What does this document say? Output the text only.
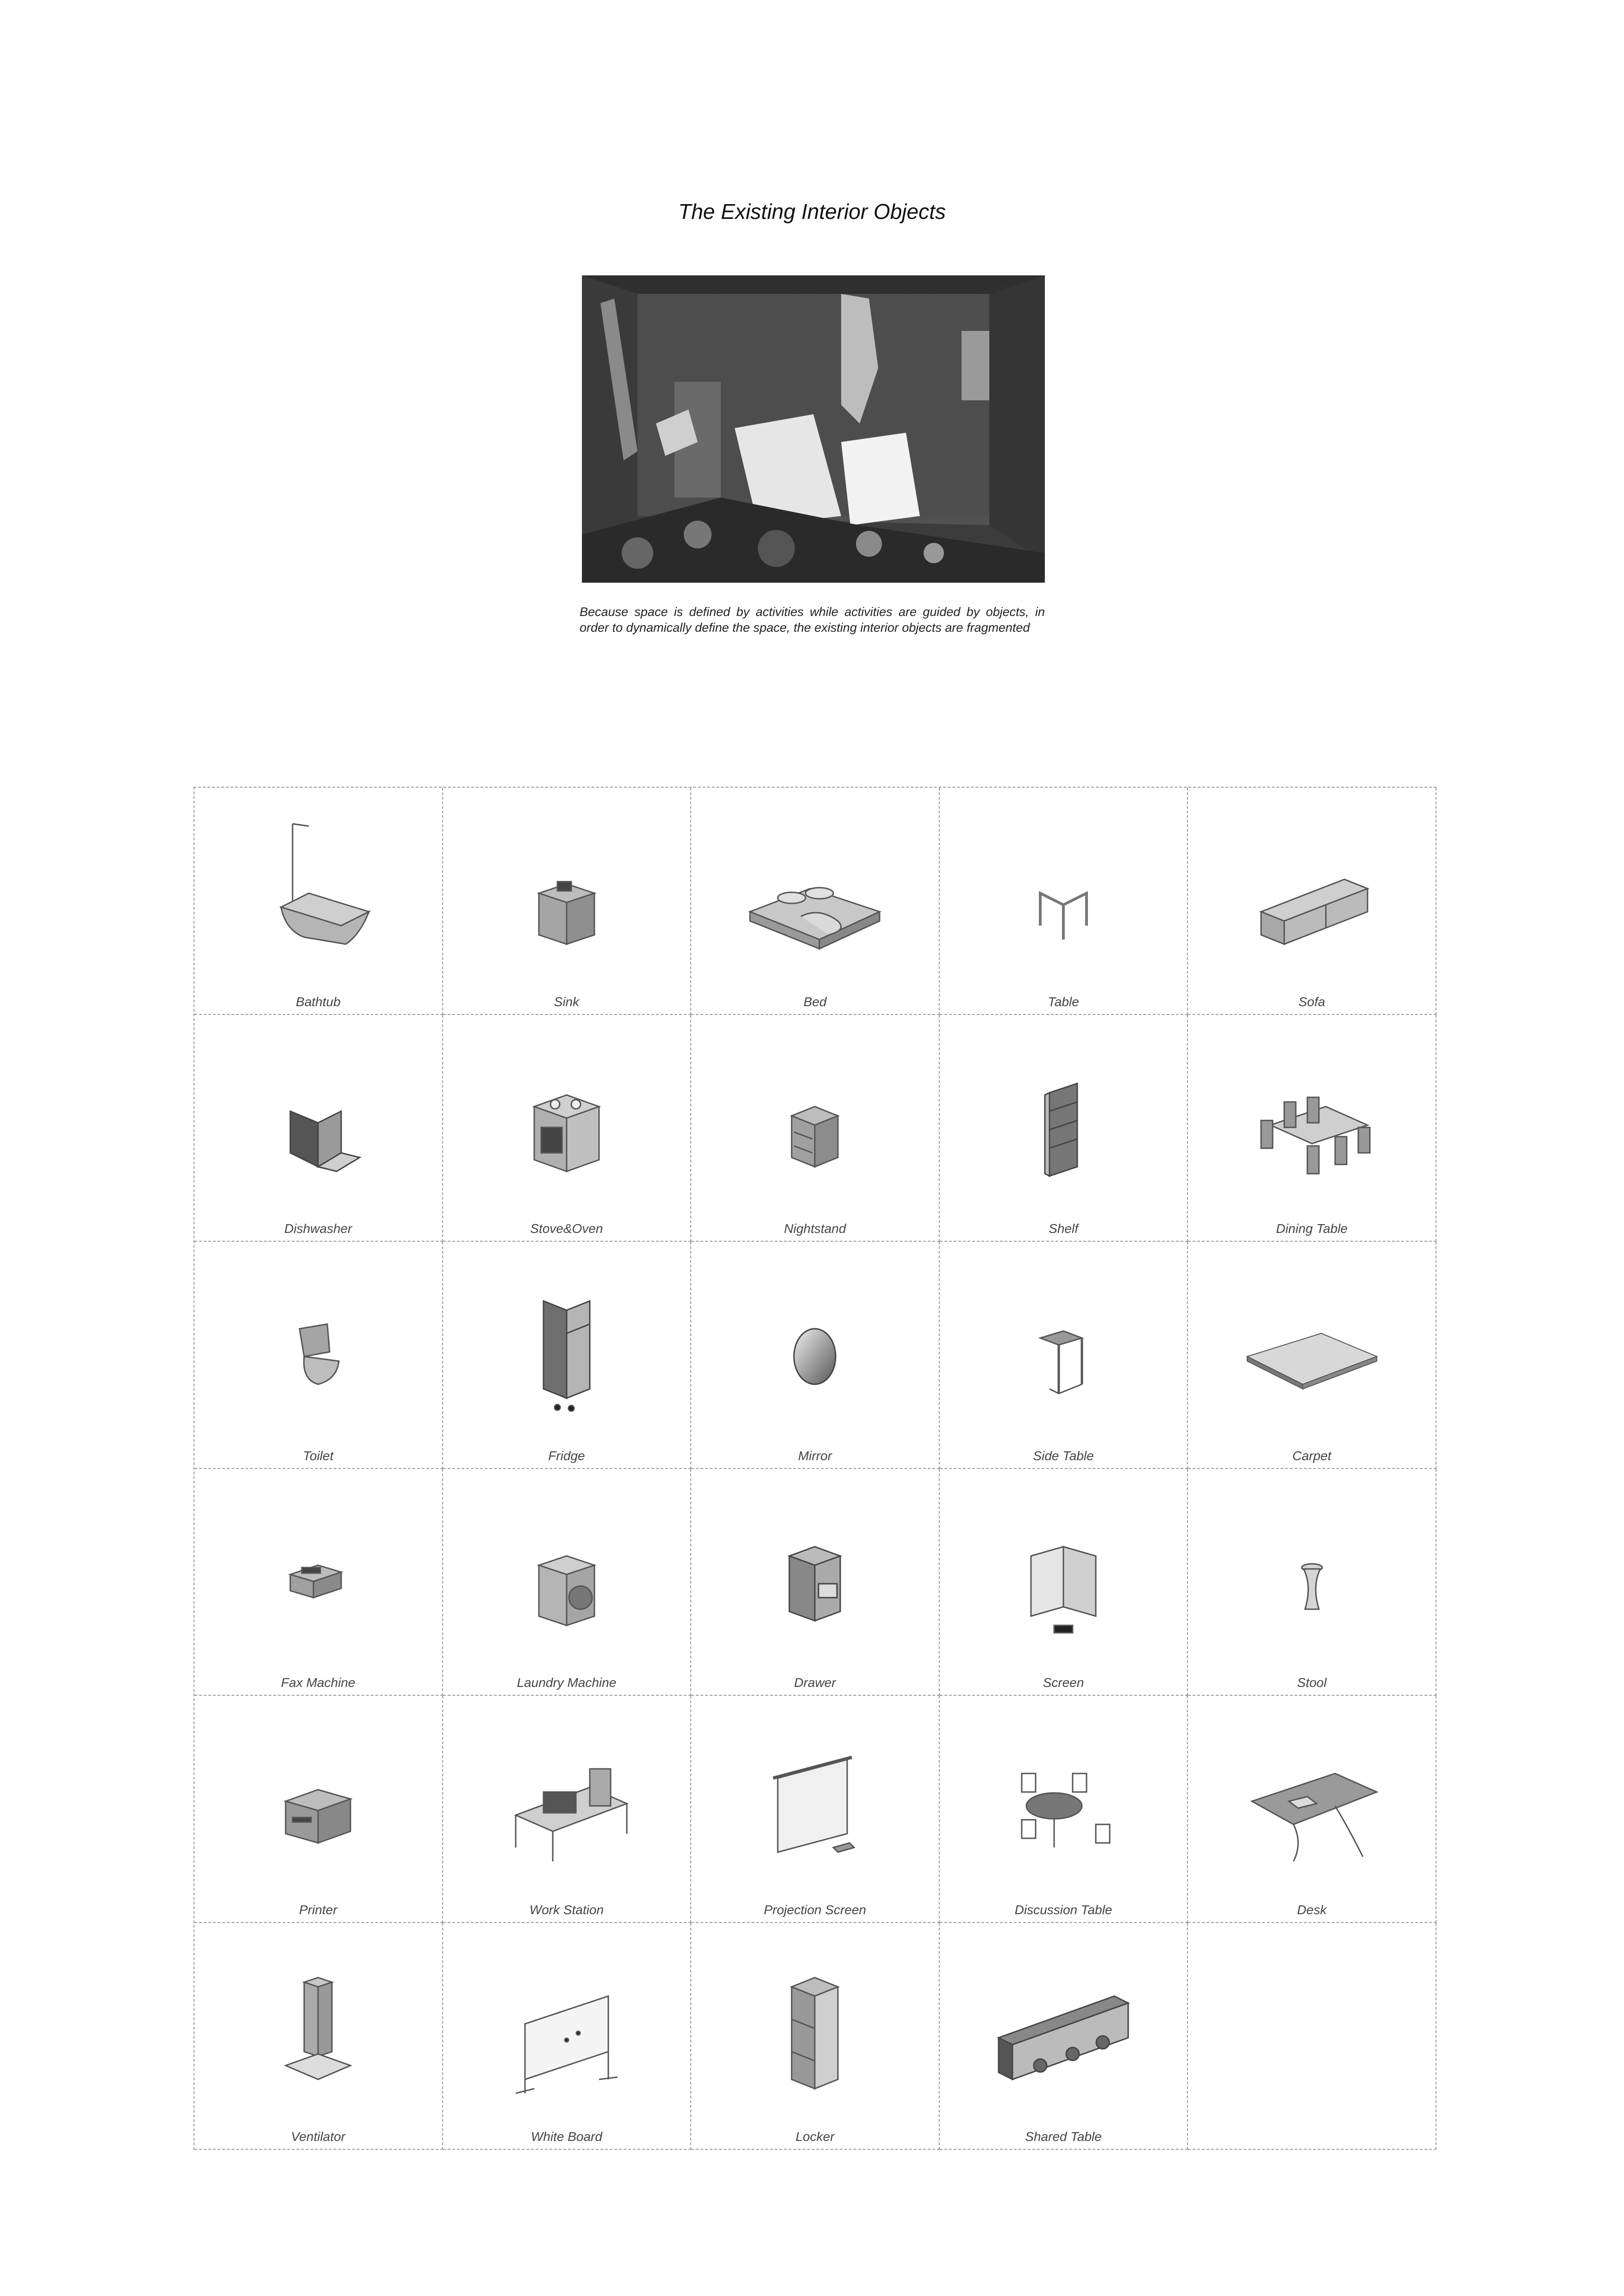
The Existing Interior Objects
Because space is defined by activities while activities are guided by objects, in order to dynamically define the space, the existing interior objects are fragmented
Bathtub	Sink	Bed	Table	Sofa
Dishwasher	Stove&Oven	Nightstand	Shelf	Dining Table
Toilet	Fridge	Mirror	Side Table	Carpet
Fax Machine	Laundry Machine	Drawer	Screen	Stool
Printer	Work Station	Projection Screen	Discussion Table	Desk
Ventilator	White Board	Locker	Shared Table
